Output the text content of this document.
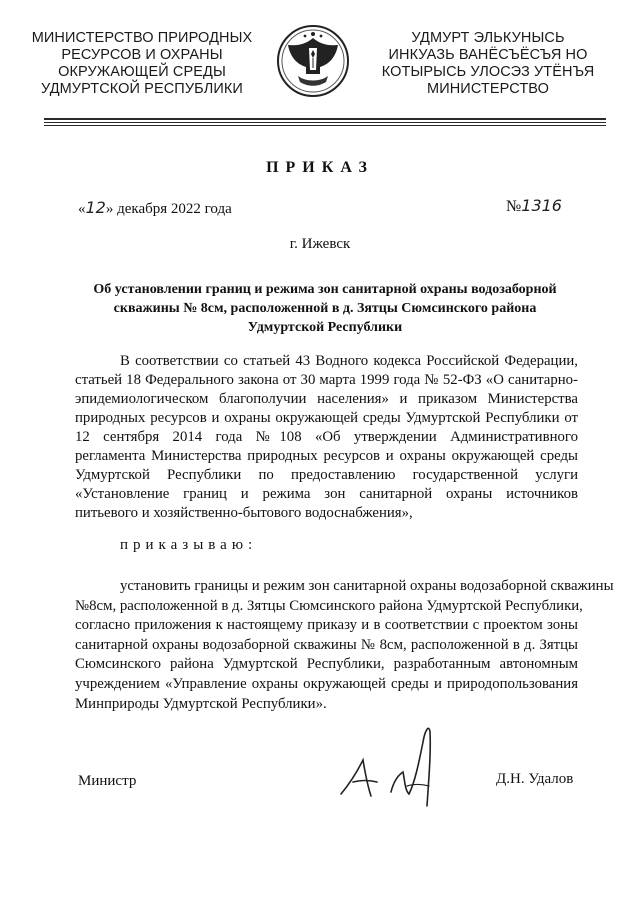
МИНИСТЕРСТВО ПРИРОДНЫХ
РЕСУРСОВ И ОХРАНЫ
ОКРУЖАЮЩЕЙ СРЕДЫ
УДМУРТСКОЙ РЕСПУБЛИКИ
УДМУРТ ЭЛЬКУНЫСЬ
ИНКУАЗЬ ВАНЁСЪЁСЪЯ НО
КОТЫРЫСЬ УЛОСЭЗ УТЁНЪЯ
МИНИСТЕРСТВО
ПРИКАЗ
«12» декабря 2022 года	№1316
г. Ижевск
Об установлении границ и режима зон санитарной охраны водозаборной
скважины № 8см, расположенной в д. Зятцы Сюмсинского района
Удмуртской Республики
В соответствии со статьей 43 Водного кодекса Российской Федерации,
статьей 18 Федерального закона от 30 марта 1999 года № 52-ФЗ «О санитарно-
эпидемиологическом благополучии населения» и приказом Министерства
природных ресурсов и охраны окружающей среды Удмуртской Республики от
12 сентября 2014 года №108 «Об утверждении Административного
регламента Министерства природных ресурсов и охраны окружающей среды
Удмуртской Республики по предоставлению государственной услуги
«Установление границ и режима зон санитарной охраны источников
питьевого и хозяйственно-бытового водоснабжения»,
приказываю:
установить границы и режим зон санитарной охраны водозаборной скважины
№8см, расположенной в д. Зятцы Сюмсинского района Удмуртской Республики,
согласно приложения к настоящему приказу и в соответствии с проектом зоны
санитарной охраны водозаборной скважины № 8см, расположенной в д. Зятцы
Сюмсинского района Удмуртской Республики, разработанным автономным
учреждением «Управление охраны окружающей среды и природопользования
Минприроды Удмуртской Республики».
Министр	Д.Н. Удалов
